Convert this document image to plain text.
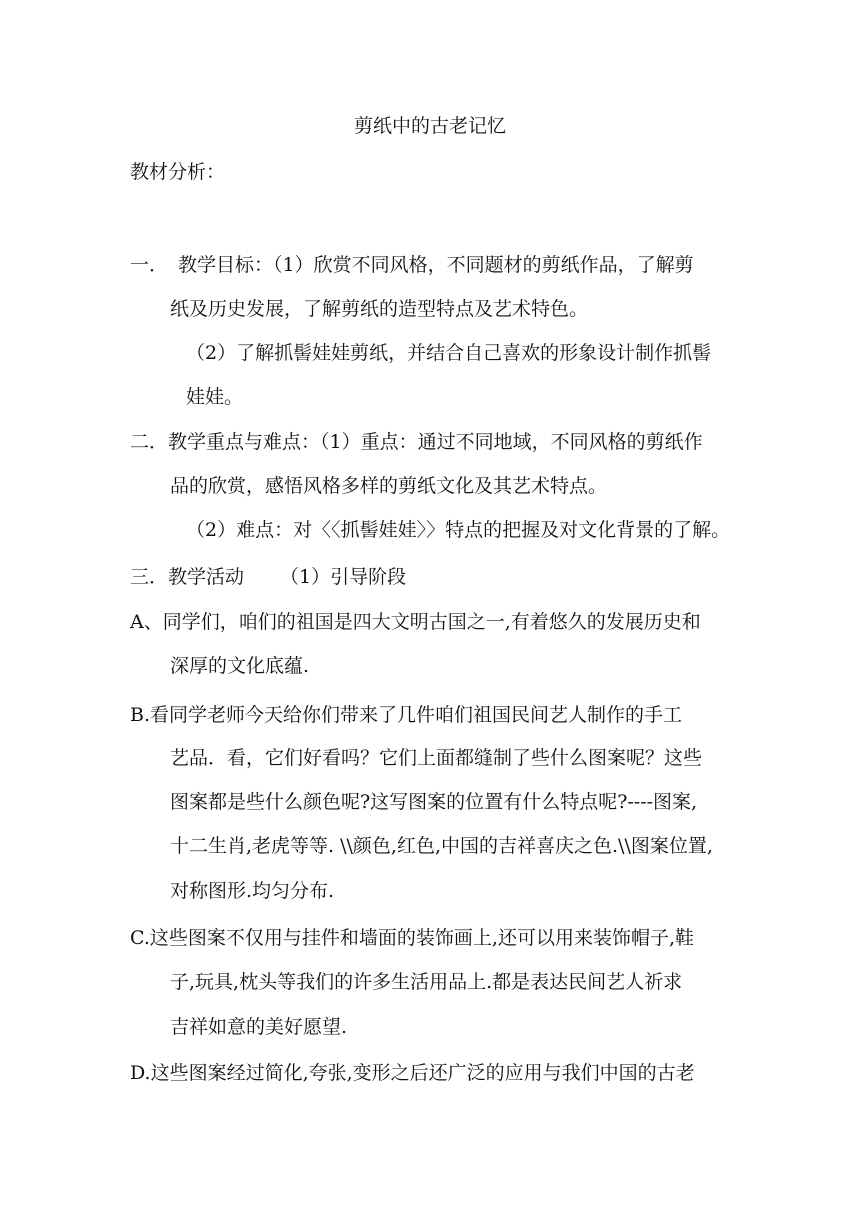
剪纸中的古老记忆
教材分析：
一． 教学目标：（1）欣赏不同风格，不同题材的剪纸作品，了解剪
纸及历史发展，了解剪纸的造型特点及艺术特色。
（2）了解抓髻娃娃剪纸，并结合自己喜欢的形象设计制作抓髻
娃娃。
二．教学重点与难点：（1）重点：通过不同地域，不同风格的剪纸作
品的欣赏，感悟风格多样的剪纸文化及其艺术特点。
（2）难点：对〈〈抓髻娃娃〉〉特点的把握及对文化背景的了解。
三．教学活动 （1）引导阶段
A、同学们，咱们的祖国是四大文明古国之一,有着悠久的发展历史和
深厚的文化底蕴.
B.看同学老师今天给你们带来了几件咱们祖国民间艺人制作的手工
艺品．看，它们好看吗？它们上面都缝制了些什么图案呢？这些
图案都是些什么颜色呢?这写图案的位置有什么特点呢?----图案,
十二生肖,老虎等等. \\颜色,红色,中国的吉祥喜庆之色.\\图案位置,
对称图形.均匀分布.
C.这些图案不仅用与挂件和墙面的装饰画上,还可以用来装饰帽子,鞋
子,玩具,枕头等我们的许多生活用品上.都是表达民间艺人祈求
吉祥如意的美好愿望.
D.这些图案经过简化,夸张,变形之后还广泛的应用与我们中国的古老
